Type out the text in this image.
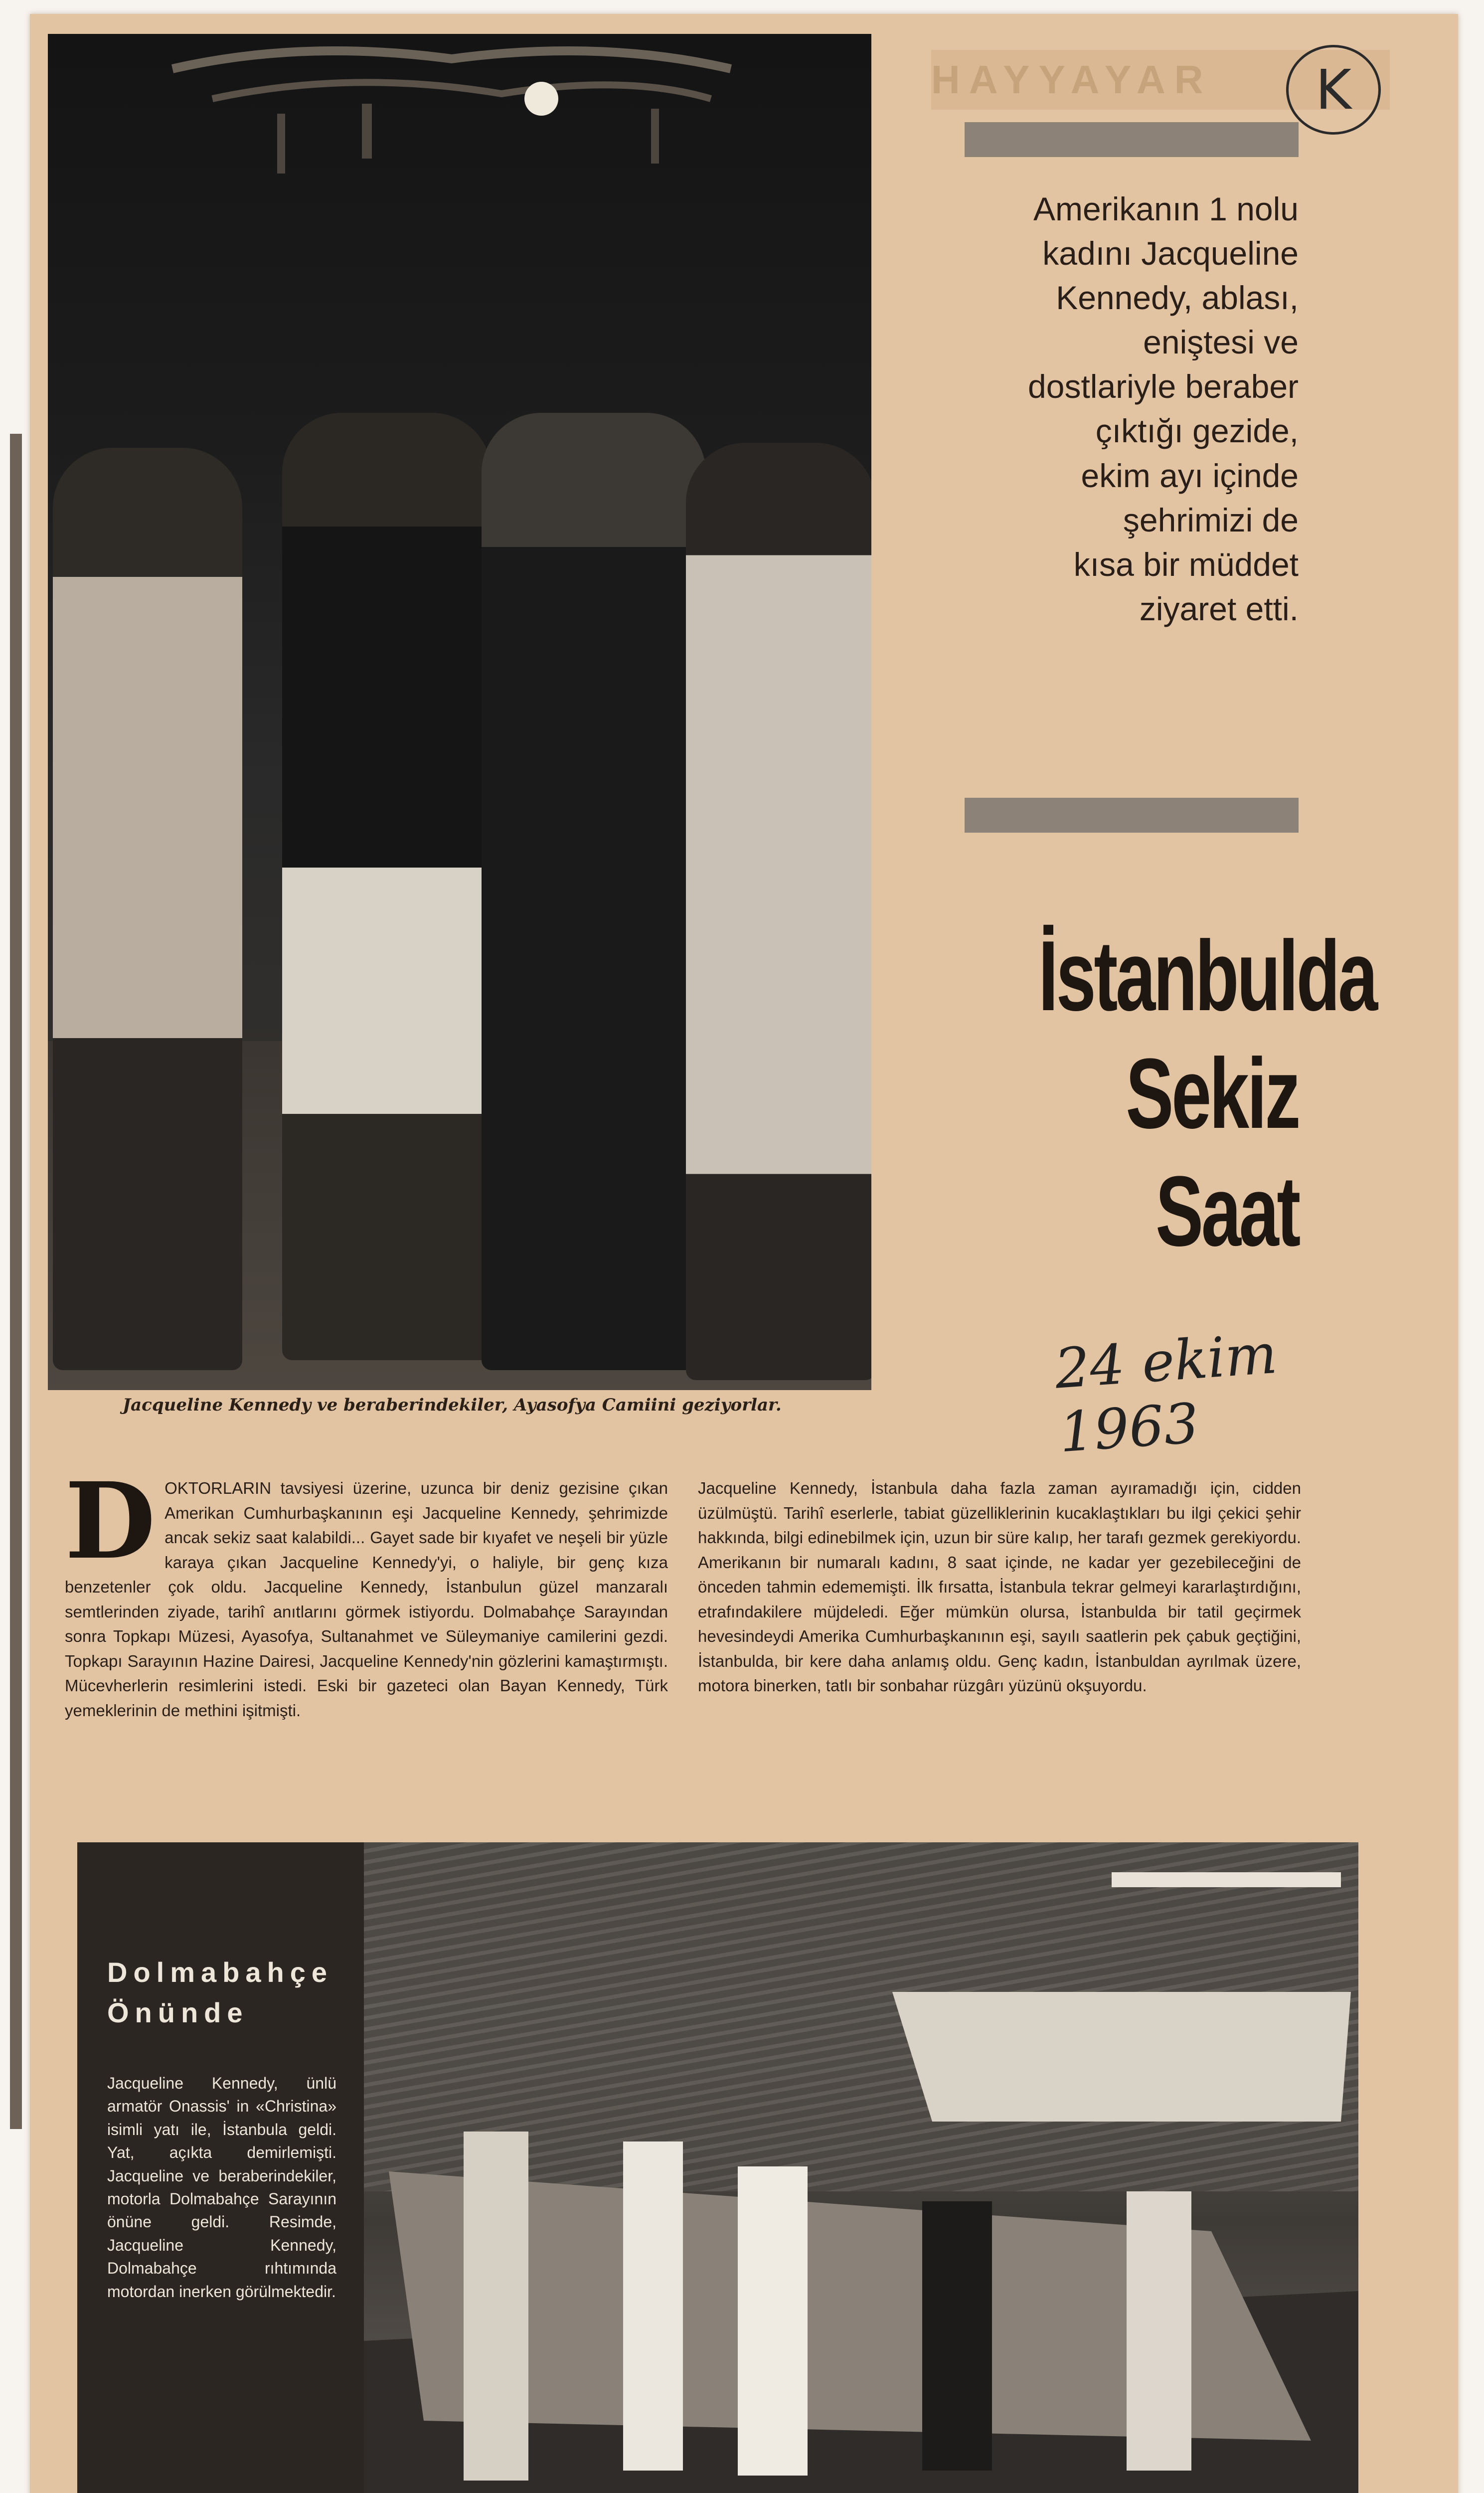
Jacqueline Kennedy ve beraberindekiler, Ayasofya Camiini geziyorlar.
HAYYAYAR	K
Amerikanın 1 nolu
kadını Jacqueline
Kennedy, ablası,
eniştesi ve
dostlariyle beraber
çıktığı gezide,
ekim ayı içinde
şehrimizi de
kısa bir müddet
ziyaret etti.
İstanbulda
Sekiz
Saat
24 ekim 1963
D OKTORLARIN tavsiyesi üzerine, uzunca bir deniz gezisine çıkan Amerikan Cumhurbaşkanının eşi Jacqueline Kennedy, şehrimizde ancak sekiz saat kalabildi... Gayet sade bir kıyafet ve neşeli bir yüzle karaya çıkan Jacqueline Kennedy'yi, o haliyle, bir genç kıza benzetenler çok oldu. Jacqueline Kennedy, İstanbulun güzel manzaralı semtlerinden ziyade, tarihî anıtlarını görmek istiyordu. Dolmabahçe Sarayından sonra Topkapı Müzesi, Ayasofya, Sultanahmet ve Süleymaniye camilerini gezdi. Topkapı Sarayının Hazine Dairesi, Jacqueline Kennedy'nin gözlerini kamaştırmıştı. Mücevherlerin resimlerini istedi. Eski bir gazeteci olan Bayan Kennedy, Türk yemeklerinin de methini işitmişti.
Jacqueline Kennedy, İstanbula daha fazla zaman ayıramadığı için, cidden üzülmüştü. Tarihî eserlerle, tabiat güzelliklerinin kucaklaştıkları bu ilgi çekici şehir hakkında, bilgi edinebilmek için, uzun bir süre kalıp, her tarafı gezmek gerekiyordu. Amerikanın bir numaralı kadını, 8 saat içinde, ne kadar yer gezebileceğini de önceden tahmin edememişti. İlk fırsatta, İstanbula tekrar gelmeyi kararlaştırdığını, etrafındakilere müjdeledi. Eğer mümkün olursa, İstanbulda bir tatil geçirmek hevesindeydi Amerika Cumhurbaşkanının eşi, sayılı saatlerin pek çabuk geçtiğini, İstanbulda, bir kere daha anlamış oldu. Genç kadın, İstanbuldan ayrılmak üzere, motora binerken, tatlı bir sonbahar rüzgârı yüzünü okşuyordu.
Dolmabahçe
Önünde
Jacqueline Kennedy, ünlü armatör Onassis' in «Christina» isimli yatı ile, İstanbula geldi. Yat, açıkta demirlemişti. Jacqueline ve beraberindekiler, motorla Dolmabahçe Sarayının önüne geldi. Resimde, Jacqueline Kennedy, Dolmabahçe rıhtımında motordan inerken görülmektedir.
